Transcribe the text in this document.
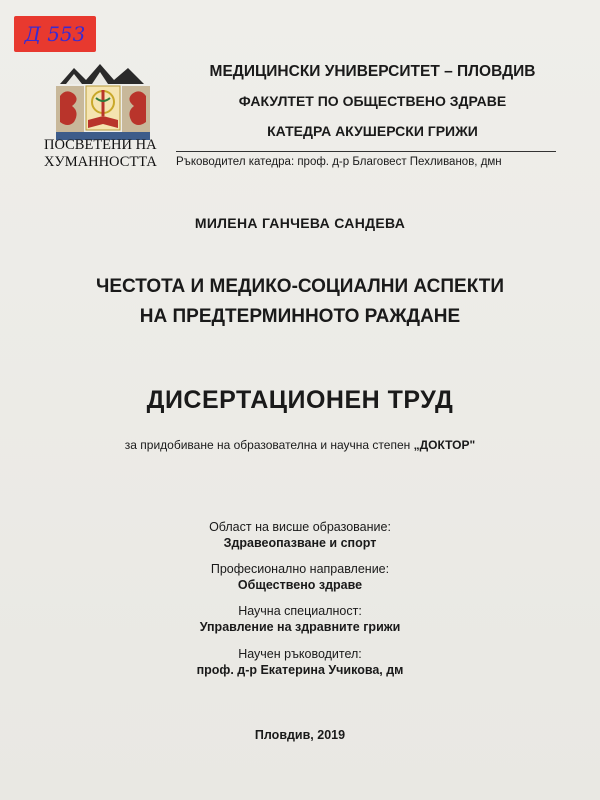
Д 553
ПОСВЕТЕНИ НА
ХУМАННОСТТА
МЕДИЦИНСКИ УНИВЕРСИТЕТ – ПЛОВДИВ
ФАКУЛТЕТ ПО ОБЩЕСТВЕНО ЗДРАВЕ
КАТЕДРА АКУШЕРСКИ ГРИЖИ
Ръководител катедра: проф. д-р Благовест Пехливанов, дмн
МИЛЕНА ГАНЧЕВА САНДЕВА
ЧЕСТОТА И МЕДИКО-СОЦИАЛНИ АСПЕКТИ
НА ПРЕДТЕРМИННОТО РАЖДАНЕ
ДИСЕРТАЦИОНЕН ТРУД
за придобиване на образователна и научна степен „ДОКТОР"
Област на висше образование:
Здравеопазване и спорт
Професионално направление:
Обществено здраве
Научна специалност:
Управление на здравните грижи
Научен ръководител:
проф. д-р Екатерина Учикова, дм
Пловдив, 2019
